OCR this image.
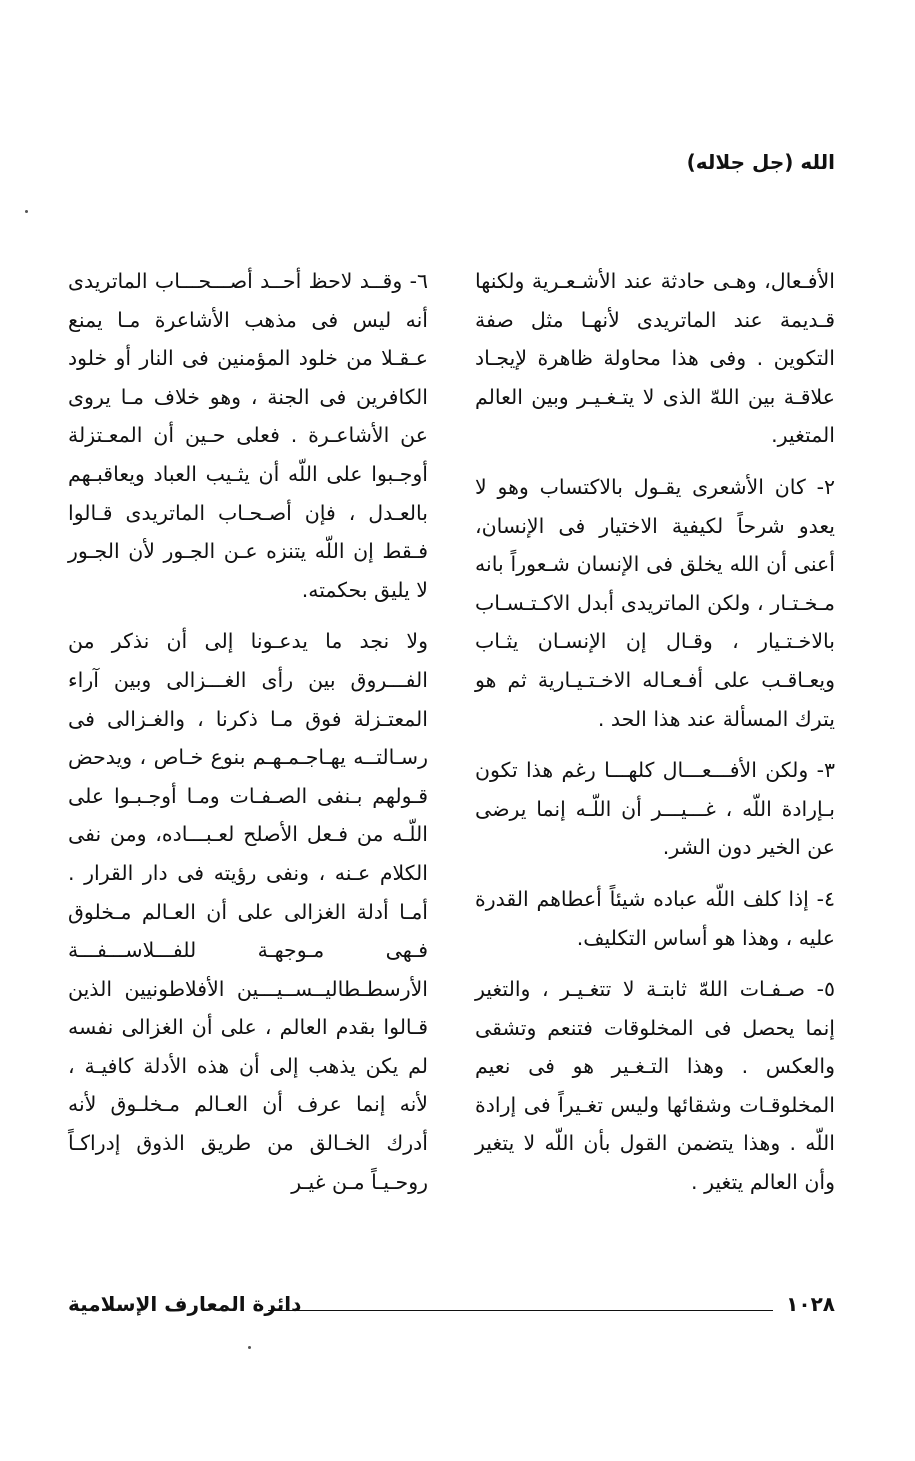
الله (جل جلاله)

الأفـعال، وهـى حادثة عند الأشـعـرية ولكنها قـديمة عند الماتريدى لأنهـا مثل صفة التكوين . وفى هذا محاولة ظاهرة لإيجـاد علاقـة بين اللهّ الذى لا يتـغـيـر وبين العالم المتغير.

٢- كان الأشعرى يقـول بالاكتساب وهو لا يعدو شرحاً لكيفية الاختيار فى الإنسان، أعنى أن الله يخلق فى الإنسان شـعوراً بانه مـخـتـار ، ولكن الماتريدى أبدل الاكـتـسـاب بالاخـتـيار ، وقـال إن الإنسـان يثـاب ويعـاقـب على أفـعـاله الاخـتـيـارية ثم هو يترك المسألة عند هذا الحد .

٣- ولكن الأفـــعـــال كلهـــا رغم هذا تكون بـإرادة اللّه ، غـــيـــر أن اللّـه إنما يرضى عن الخير دون الشر.

٤- إذا كلف اللّه عباده شيئاً أعطاهم القدرة عليه ، وهذا هو أساس التكليف.

٥- صـفـات اللهّ ثابتـة لا تتغـيـر ، والتغير إنما يحصل فى المخلوقات فتنعم وتشقى والعكس . وهذا التـغـير هو فى نعيم المخلوقـات وشقائها وليس تغـيراً فى إرادة اللّه . وهذا يتضمن القول بأن اللّه لا يتغير وأن العالم يتغير .

٦- وقــد لاحظ أحــد أصـــحـــاب الماتريدى أنه ليس فى مذهب الأشاعرة مـا يمنع عـقـلا من خلود المؤمنين فى النار أو خلود الكافرين فى الجنة ، وهو خلاف مـا يروى عن الأشاعـرة . فعلى حـين أن المعـتزلة أوجـبوا على اللّه أن يثـيب العباد ويعاقبـهم بالعـدل ، فإن أصـحـاب الماتريدى قـالوا فـقط إن اللّه يتنزه عـن الجـور لأن الجـور لا يليق بحكمته.

ولا نجد ما يدعـونا إلى أن نذكر من الفـــروق بين رأى الغـــزالى وبين آراء المعتـزلة فوق مـا ذكرنا ، والغـزالى فى رسـالتــه يهـاجـمـهـم بنوع خـاص ، ويدحض قـولهم بـنفى الصـفـات ومـا أوجـبـوا على اللّـه من فـعل الأصلح لعـبـــاده، ومن نفى الكلام عـنه ، ونفى رؤيته فى دار القرار . أمـا أدلة الغزالى على أن العـالم مـخلوق فـهى مـوجهـة للفـــلاســـفـــة الأرسطـطاليــســيـــين الأفلاطونيين الذين قـالوا بقدم العالم ، على أن الغزالى نفسه لم يكن يذهب إلى أن هذه الأدلة كافيـة ، لأنه إنما عرف أن العـالم مـخلـوق لأنه أدرك الخـالق من طريق الذوق إدراكـاً روحـيـاً مـن غيـر

١٠٢٨
دائرة المعارف الإسلامية
